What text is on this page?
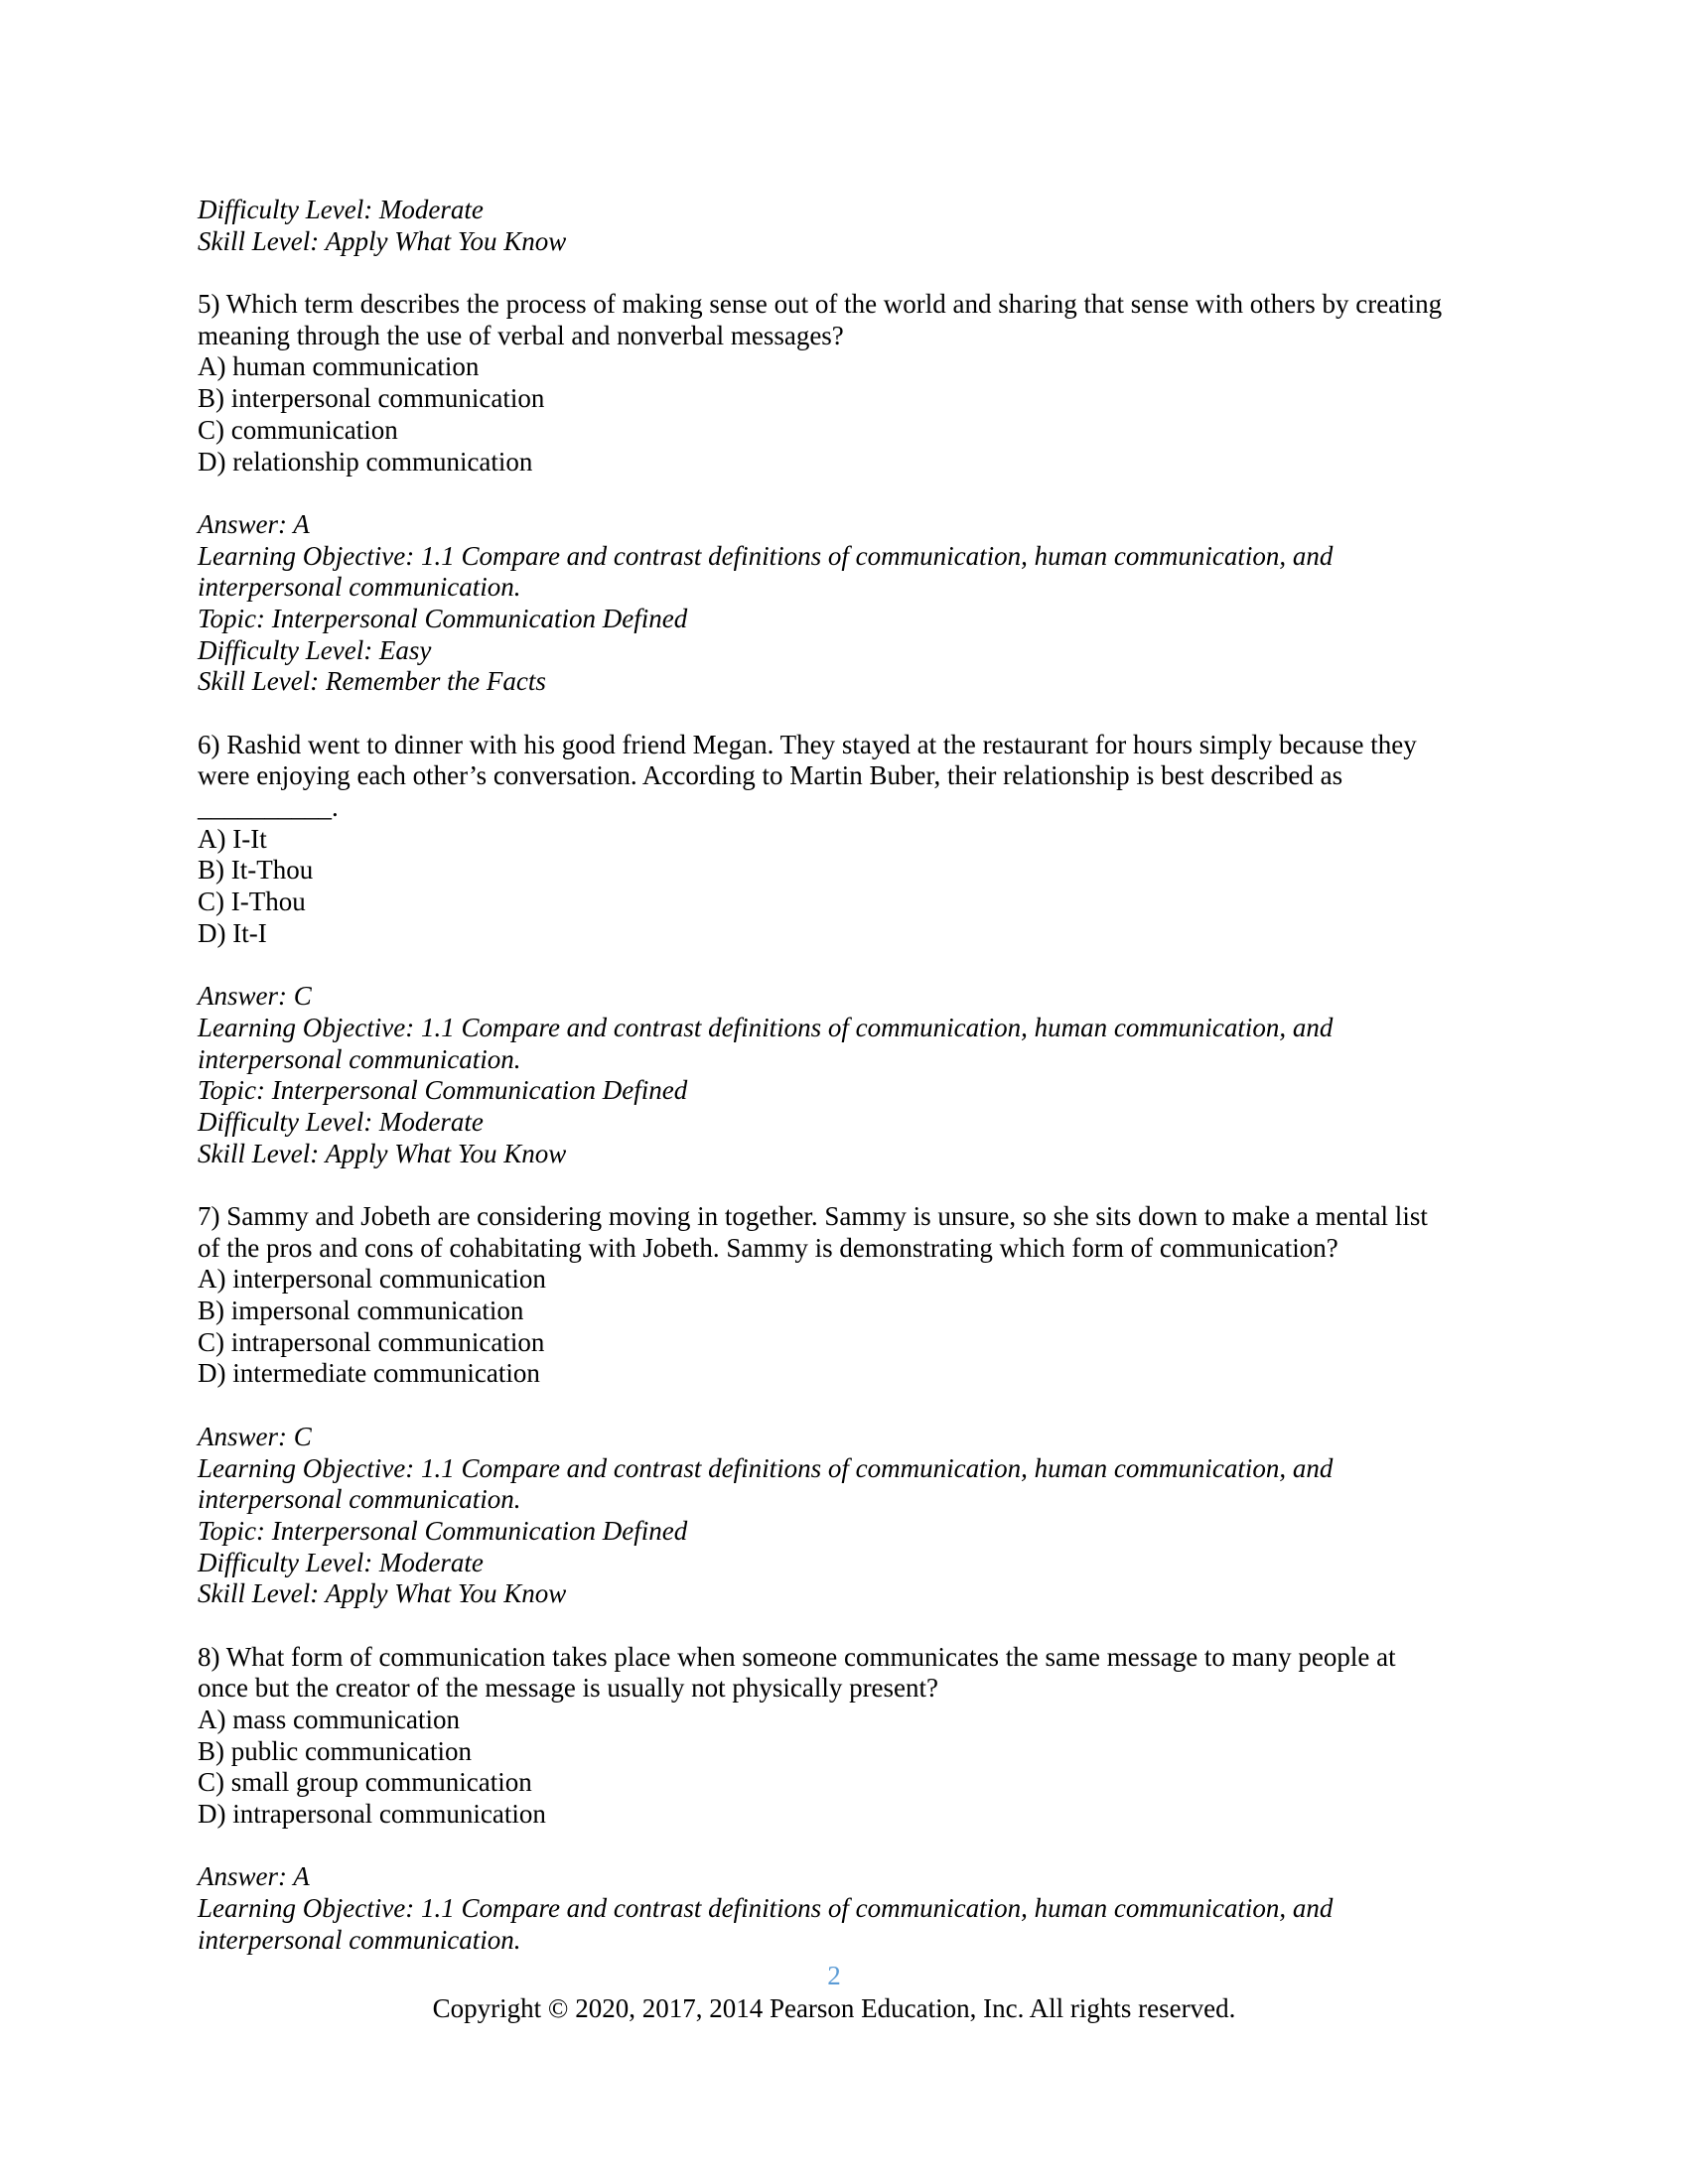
Difficulty Level: Moderate
Skill Level: Apply What You Know
5) Which term describes the process of making sense out of the world and sharing that sense with others by creating
meaning through the use of verbal and nonverbal messages?
A) human communication
B) interpersonal communication
C) communication
D) relationship communication
Answer: A
Learning Objective: 1.1 Compare and contrast definitions of communication, human communication, and
interpersonal communication.
Topic: Interpersonal Communication Defined
Difficulty Level: Easy
Skill Level: Remember the Facts
6) Rashid went to dinner with his good friend Megan. They stayed at the restaurant for hours simply because they
were enjoying each other’s conversation. According to Martin Buber, their relationship is best described as
__________.
A) I-It
B) It-Thou
C) I-Thou
D) It-I
Answer: C
Learning Objective: 1.1 Compare and contrast definitions of communication, human communication, and
interpersonal communication.
Topic: Interpersonal Communication Defined
Difficulty Level: Moderate
Skill Level: Apply What You Know
7) Sammy and Jobeth are considering moving in together. Sammy is unsure, so she sits down to make a mental list
of the pros and cons of cohabitating with Jobeth. Sammy is demonstrating which form of communication?
A) interpersonal communication
B) impersonal communication
C) intrapersonal communication
D) intermediate communication
Answer: C
Learning Objective: 1.1 Compare and contrast definitions of communication, human communication, and
interpersonal communication.
Topic: Interpersonal Communication Defined
Difficulty Level: Moderate
Skill Level: Apply What You Know
8) What form of communication takes place when someone communicates the same message to many people at
once but the creator of the message is usually not physically present?
A) mass communication
B) public communication
C) small group communication
D) intrapersonal communication
Answer: A
Learning Objective: 1.1 Compare and contrast definitions of communication, human communication, and
interpersonal communication.
2
Copyright © 2020, 2017, 2014 Pearson Education, Inc. All rights reserved.
